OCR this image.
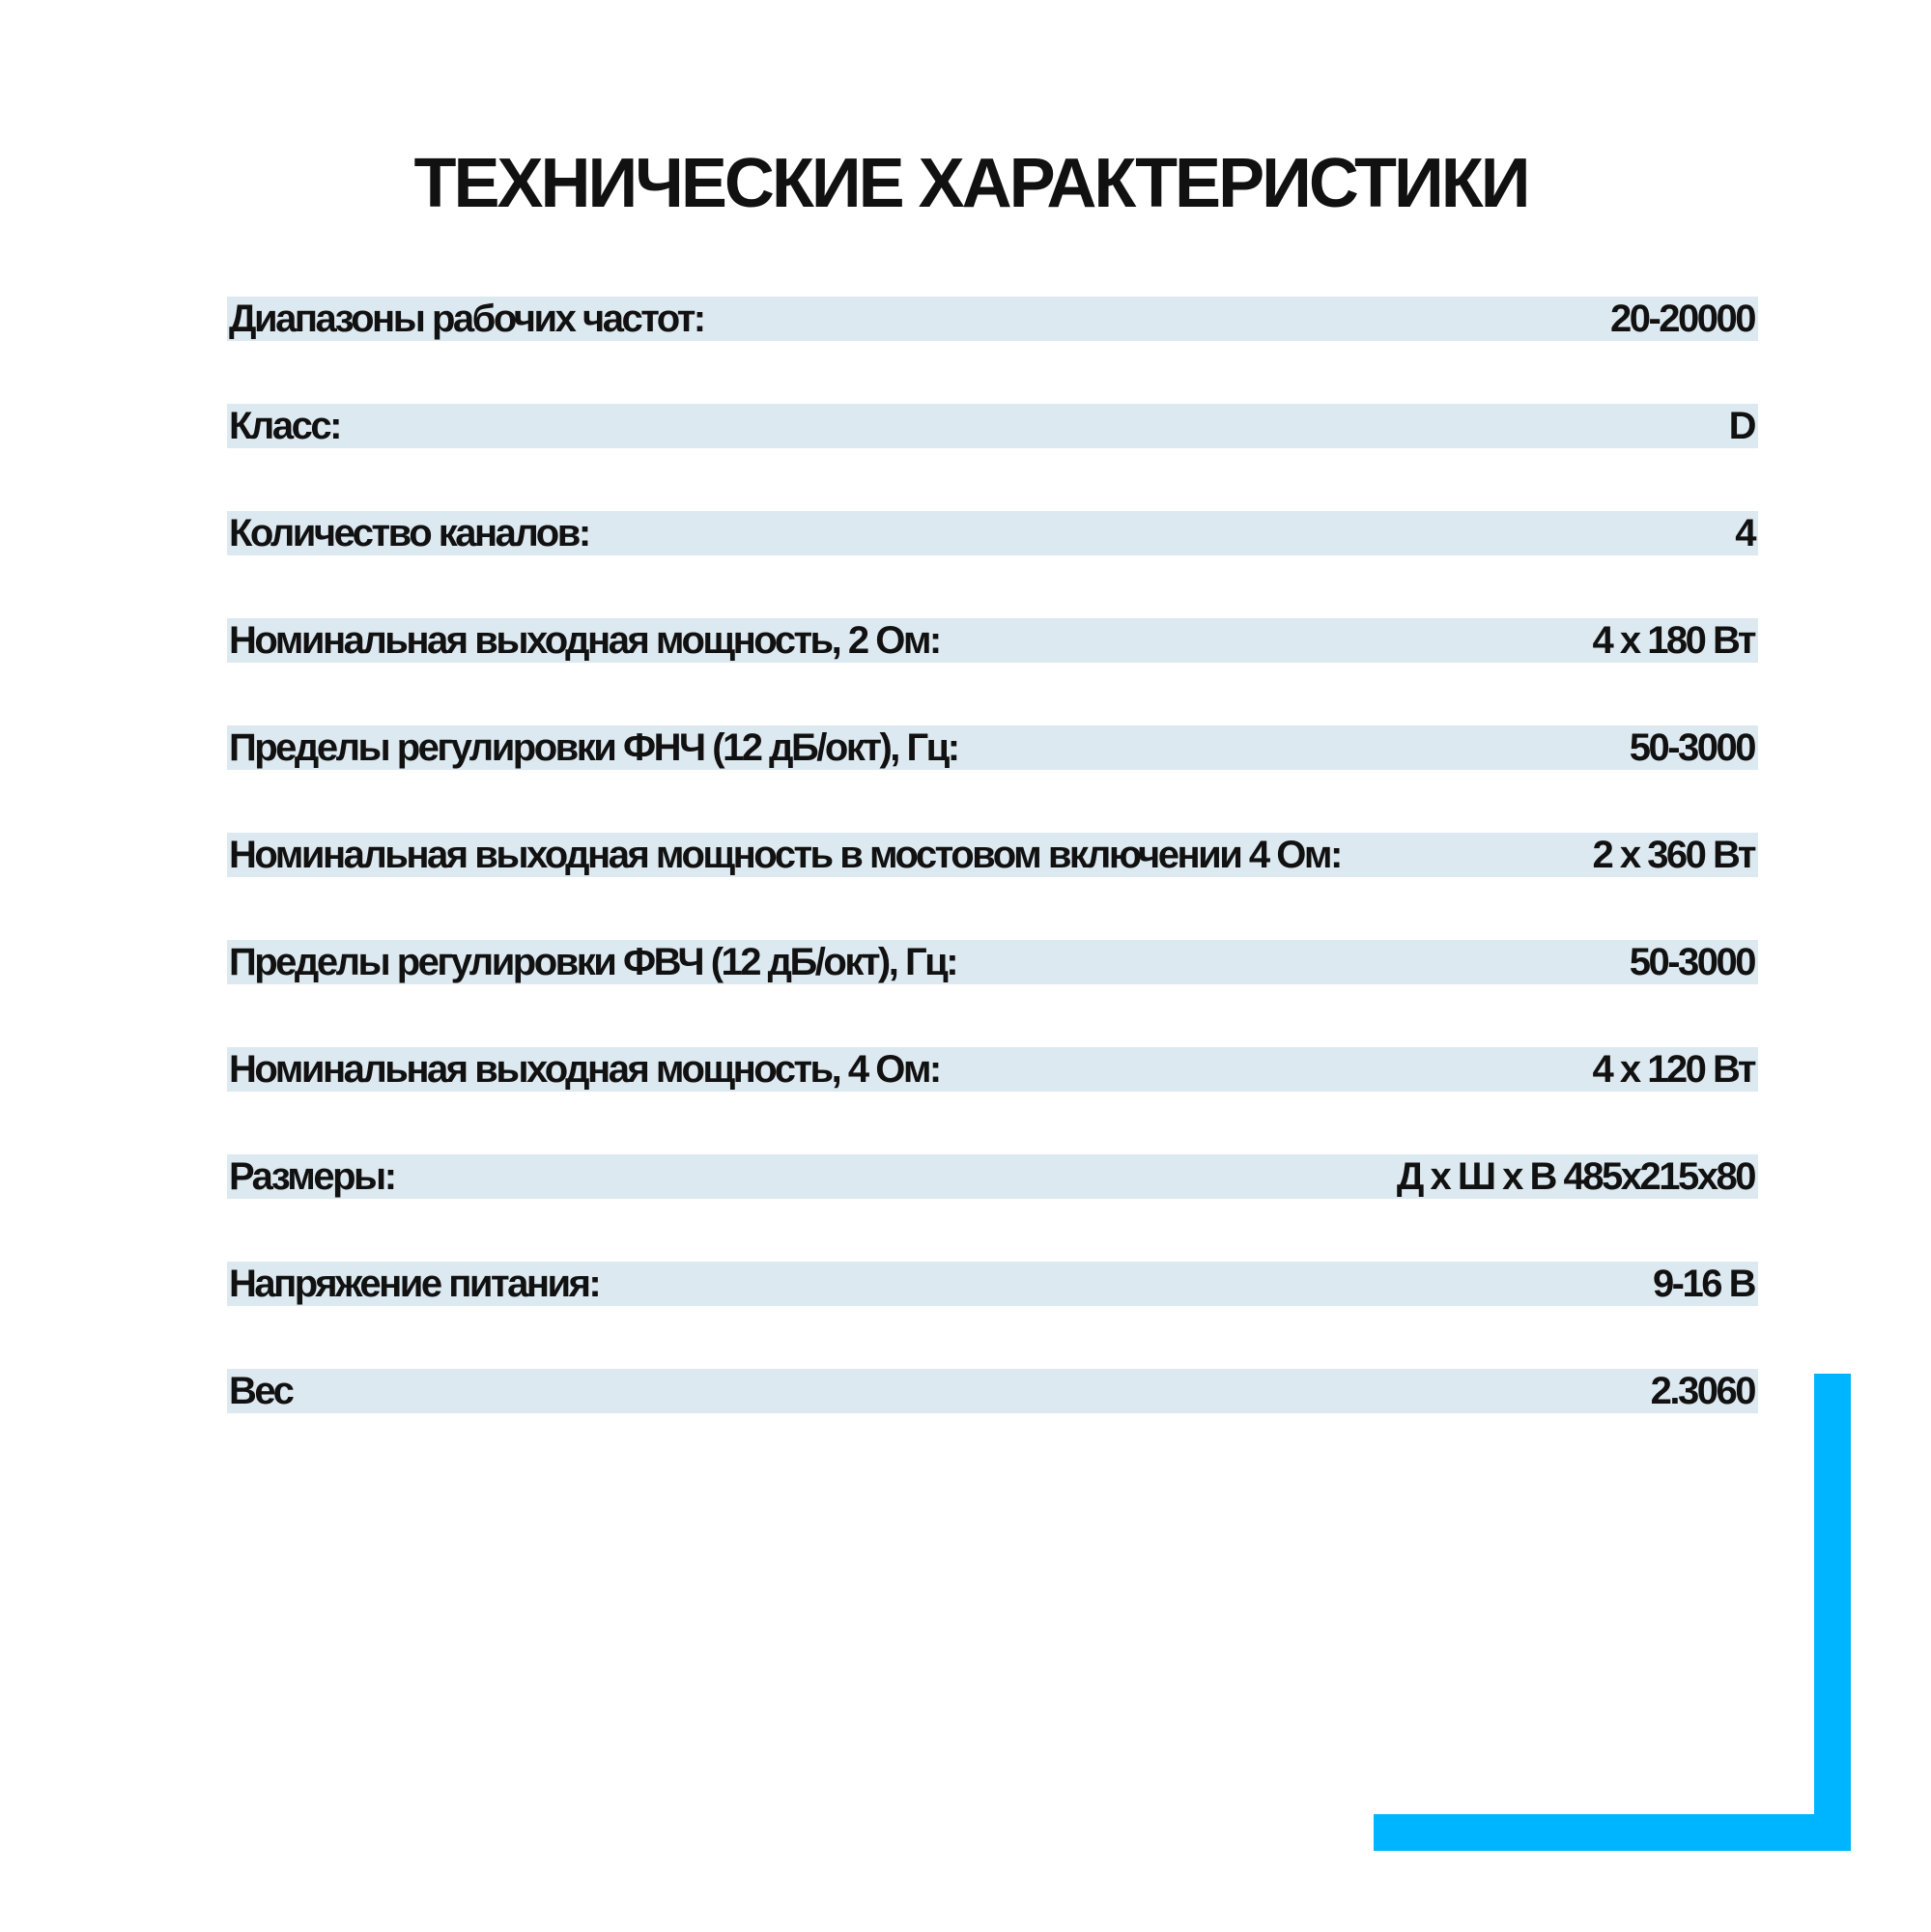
ТЕХНИЧЕСКИЕ ХАРАКТЕРИСТИКИ
Диапазоны рабочих частот:	20-20000
Класс:	D
Количество каналов:	4
Номинальная выходная мощность, 2 Ом:	4 x 180 Вт
Пределы регулировки ФНЧ (12 дБ/окт), Гц:	50-3000
Номинальная выходная мощность в мостовом включении 4 Ом:	2 x 360 Вт
Пределы регулировки ФВЧ (12 дБ/окт), Гц:	50-3000
Номинальная выходная мощность, 4 Ом:	4 x 120 Вт
Размеры:	Д x Ш x В 485x215x80
Напряжение питания:	9-16 В
Вес	2.3060
